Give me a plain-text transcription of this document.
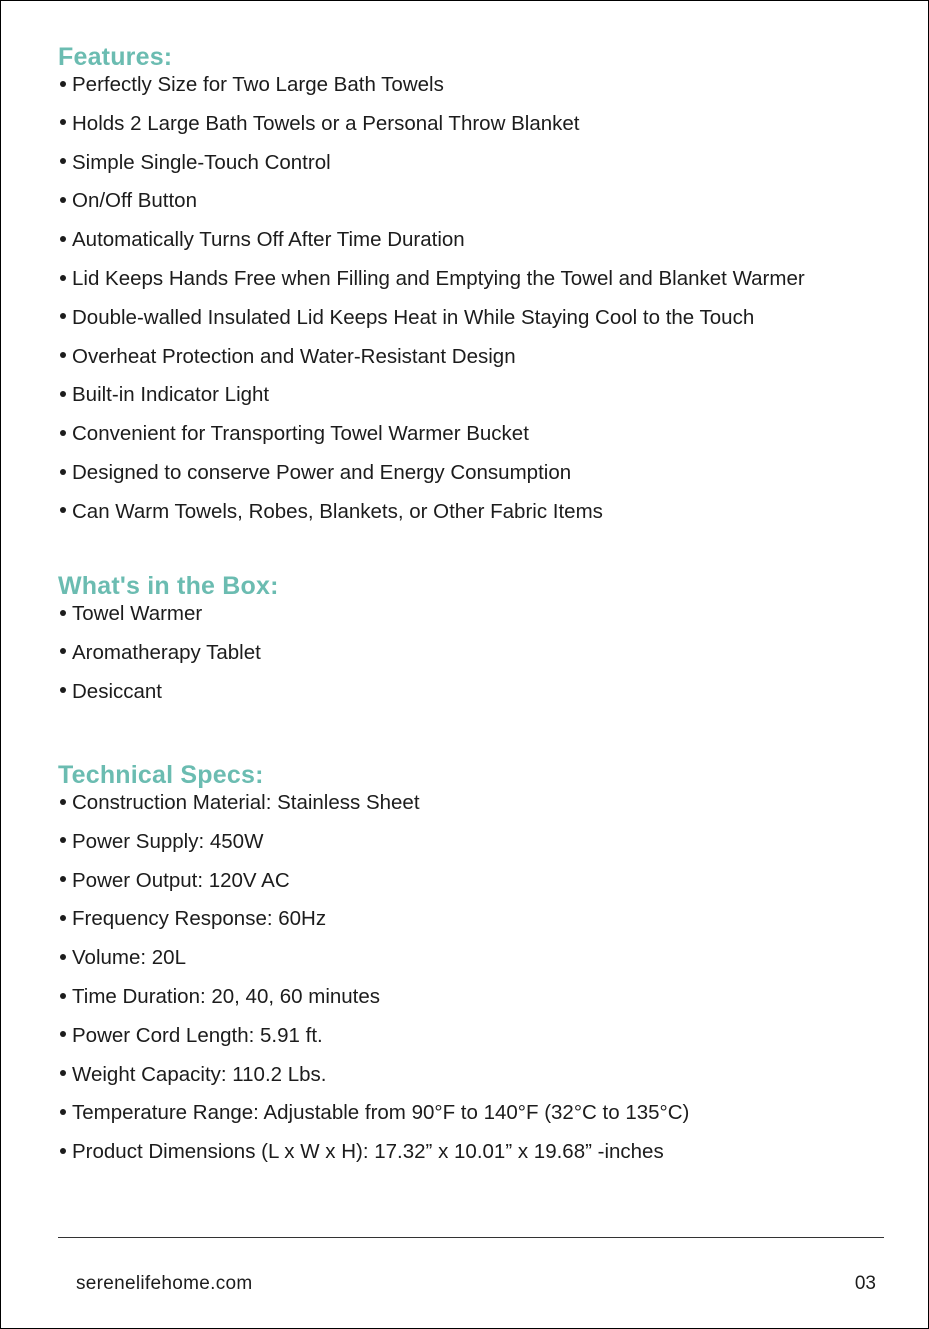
Features:
Perfectly Size for Two Large Bath Towels
Holds 2 Large Bath Towels or a Personal Throw Blanket
Simple Single-Touch Control
On/Off Button
Automatically Turns Off After Time Duration
Lid Keeps Hands Free when Filling and Emptying the Towel and Blanket Warmer
Double-walled Insulated Lid Keeps Heat in While Staying Cool to the Touch
Overheat Protection and Water-Resistant Design
Built-in Indicator Light
Convenient for Transporting Towel Warmer Bucket
Designed to conserve Power and Energy Consumption
Can Warm Towels, Robes, Blankets, or Other Fabric Items
What's in the Box:
Towel Warmer
Aromatherapy Tablet
Desiccant
Technical Specs:
Construction Material: Stainless Sheet
Power Supply: 450W
Power Output: 120V AC
Frequency Response: 60Hz
Volume: 20L
Time Duration: 20, 40, 60 minutes
Power Cord Length: 5.91 ft.
Weight Capacity: 110.2 Lbs.
Temperature Range: Adjustable from 90°F to 140°F (32°C to 135°C)
Product Dimensions (L x W x H): 17.32” x 10.01” x 19.68” -inches
serenelifehome.com	03
